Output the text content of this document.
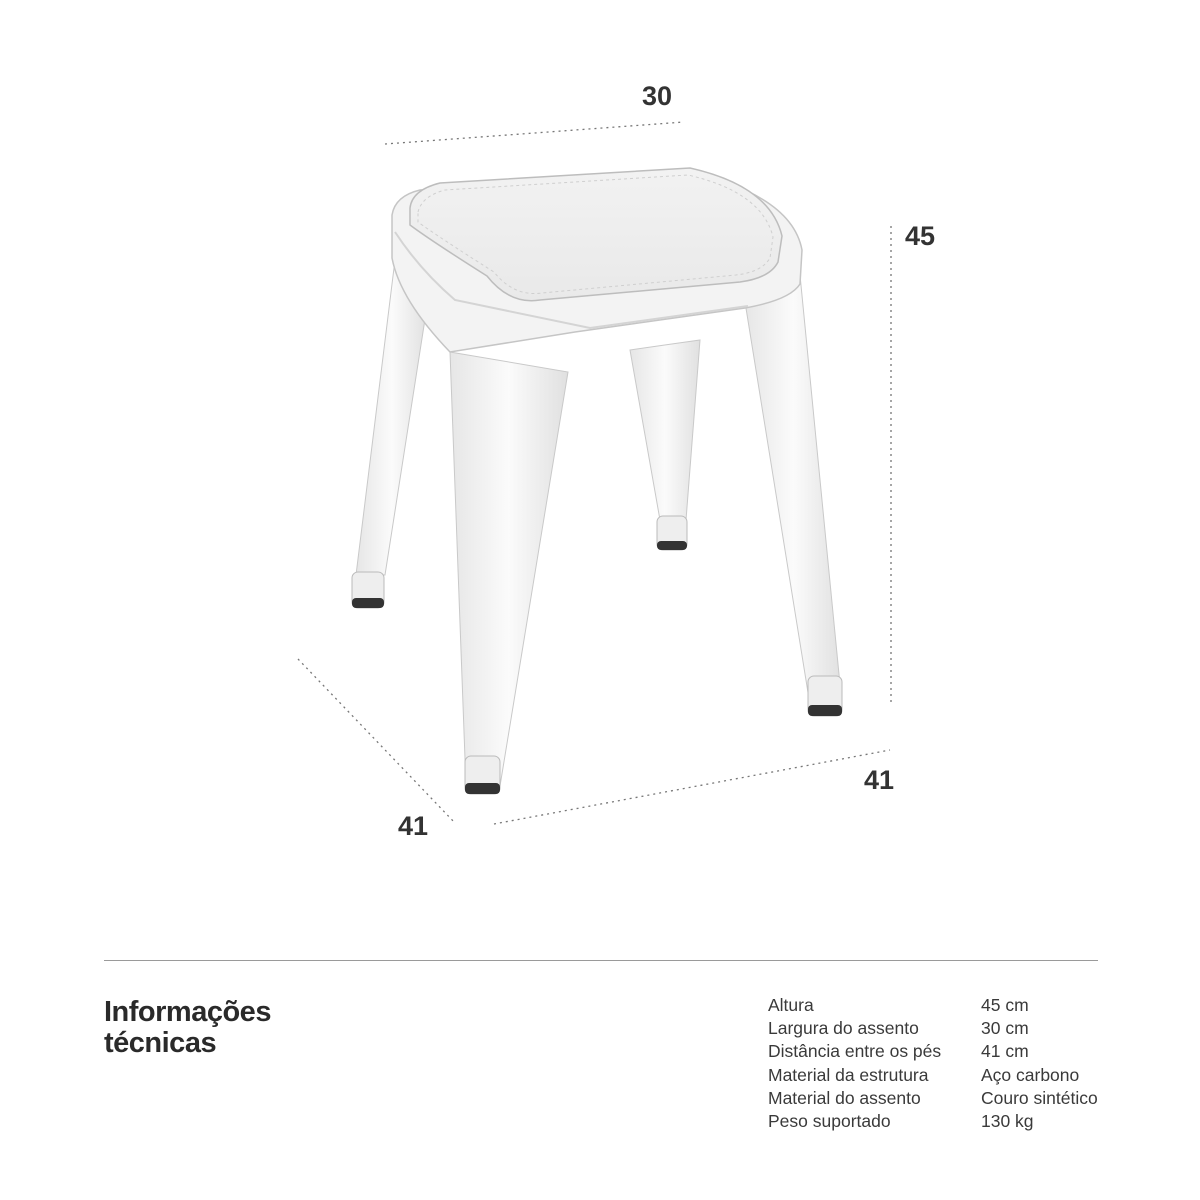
30
45
41
41
Informações
técnicas
Altura	45 cm
Largura do assento	30 cm
Distância entre os pés 41 cm
Material da estrutura	Aço carbono
Material do assento	Couro sintético
Peso suportado	130 kg
